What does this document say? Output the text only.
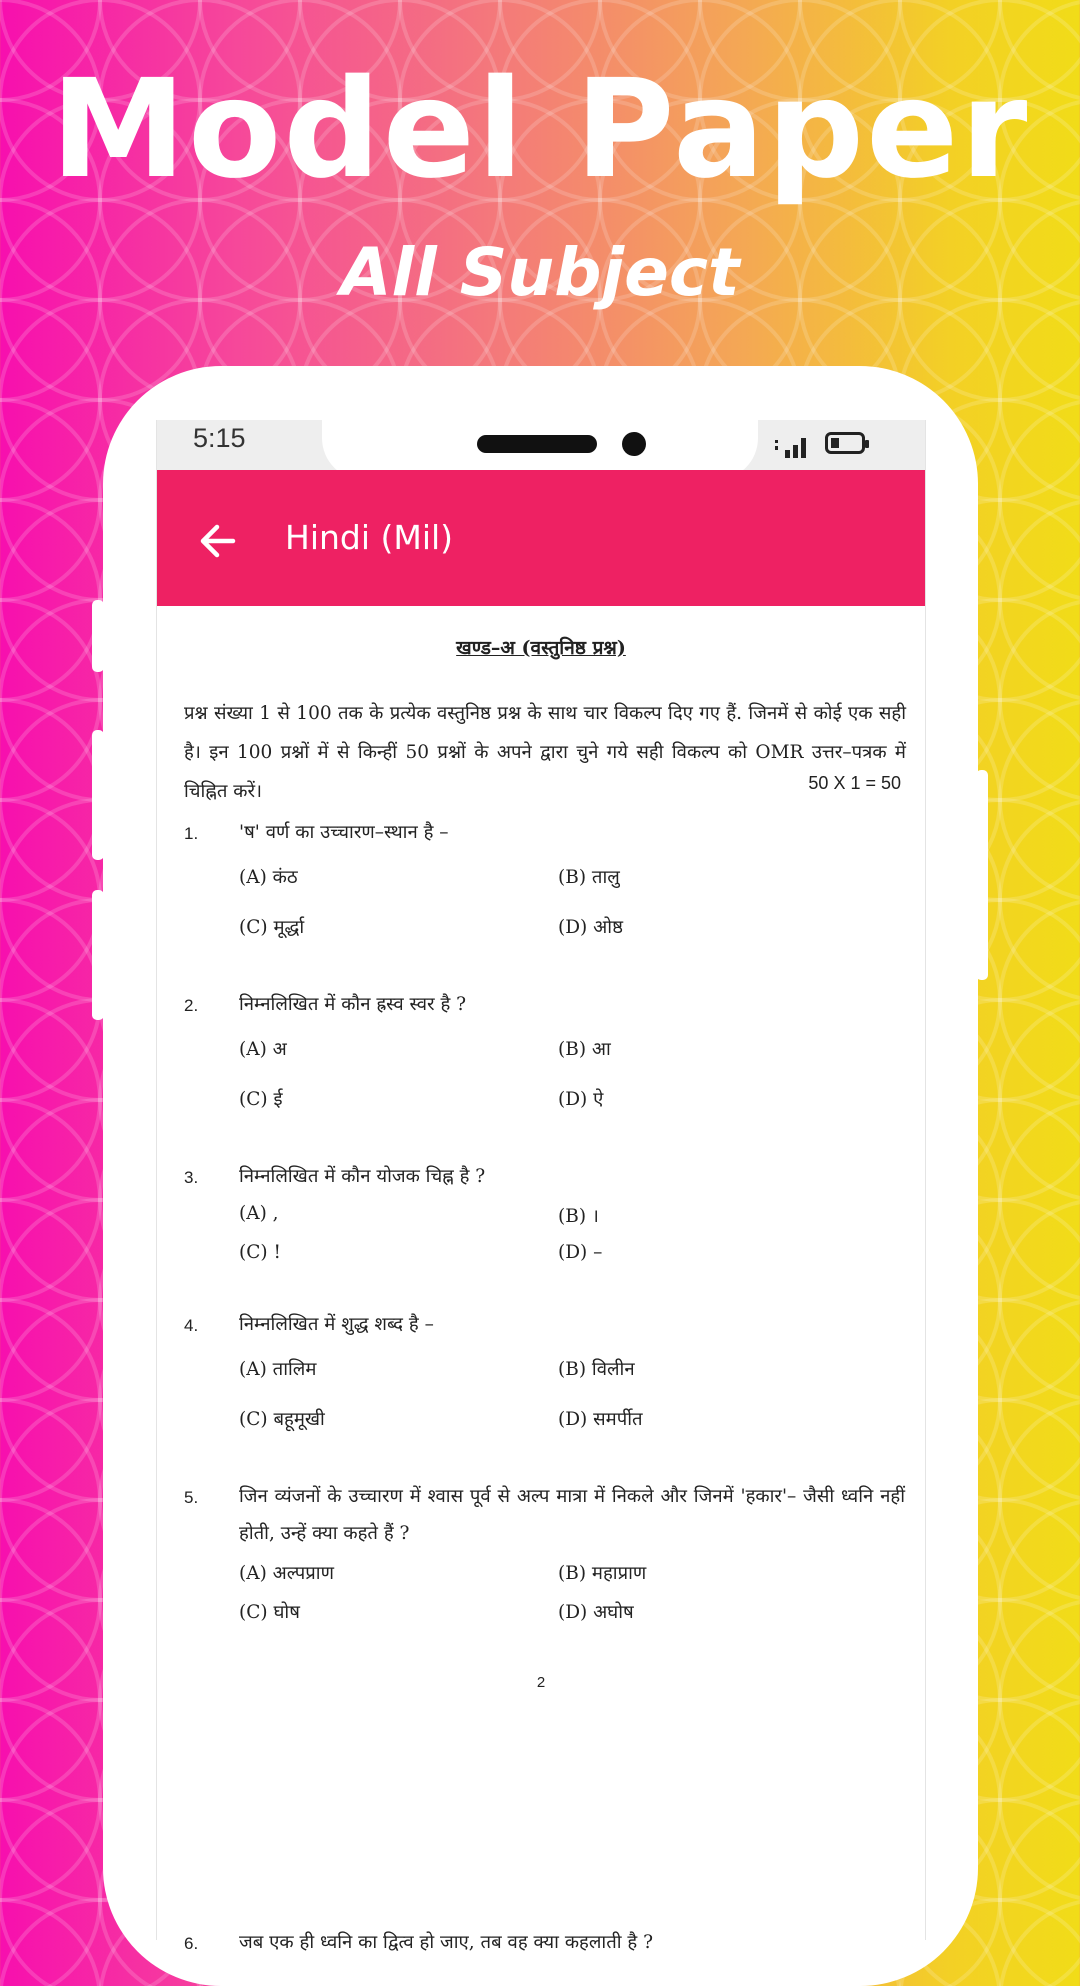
Model Paper
All Subject
5:15
Hindi (Mil)
खण्ड–अ (वस्तुनिष्ठ प्रश्न)
प्रश्न संख्या 1 से 100 तक के प्रत्येक वस्तुनिष्ठ प्रश्न के साथ चार विकल्प दिए गए हैं. जिनमें से कोई एक सही है। इन 100 प्रश्नों में से किन्हीं 50 प्रश्नों के अपने द्वारा चुने गये सही विकल्प को OMR उत्तर–पत्रक में चिह्नित करें।	50 X 1 = 50
1. 'ष' वर्ण का उच्चारण–स्थान है –
(A) कंठ	(B) तालु
(C) मूर्द्धा	(D) ओष्ठ
2. निम्नलिखित में कौन ह्रस्व स्वर है ?
(A) अ	(B) आ
(C) ई	(D) ऐ
3. निम्नलिखित में कौन योजक चिह्न है ?
(A) ,	(B) ।
(C) !	(D) –
4. निम्नलिखित में शुद्ध शब्द है –
(A) तालिम	(B) विलीन
(C) बहूमूखी	(D) समर्पीत
5. जिन व्यंजनों के उच्चारण में श्वास पूर्व से अल्प मात्रा में निकले और जिनमें 'हकार'– जैसी ध्वनि नहीं होती, उन्हें क्या कहते हैं ?
(A) अल्पप्राण	(B) महाप्राण
(C) घोष	(D) अघोष
2
6. जब एक ही ध्वनि का द्वित्व हो जाए, तब वह क्या कहलाती है ?
